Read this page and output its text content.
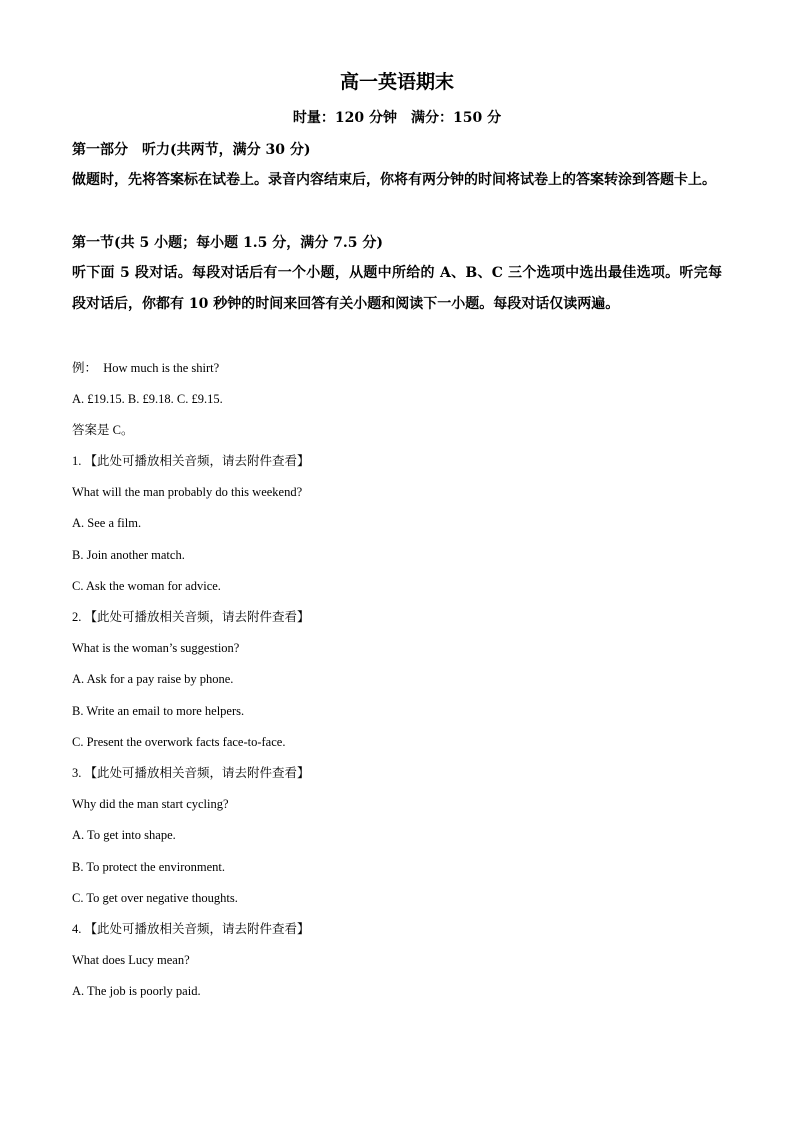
高一英语期末
时量：120 分钟　满分：150 分
第一部分　听力(共两节，满分 30 分)
做题时，先将答案标在试卷上。录音内容结束后，你将有两分钟的时间将试卷上的答案转涂到答题卡上。
第一节(共 5 小题；每小题 1.5 分，满分 7.5 分)
听下面 5 段对话。每段对话后有一个小题，从题中所给的 A、B、C 三个选项中选出最佳选项。听完每段对话后，你都有 10 秒钟的时间来回答有关小题和阅读下一小题。每段对话仅读两遍。
例：　How much is the shirt?
A. £19.15. B. £9.18. C. £9.15.
答案是 C。
1. 【此处可播放相关音频，请去附件查看】
What will the man probably do this weekend?
A. See a film.
B. Join another match.
C. Ask the woman for advice.
2. 【此处可播放相关音频，请去附件查看】
What is the woman’s suggestion?
A. Ask for a pay raise by phone.
B. Write an email to more helpers.
C. Present the overwork facts face-to-face.
3. 【此处可播放相关音频，请去附件查看】
Why did the man start cycling?
A. To get into shape.
B. To protect the environment.
C. To get over negative thoughts.
4. 【此处可播放相关音频，请去附件查看】
What does Lucy mean?
A. The job is poorly paid.
